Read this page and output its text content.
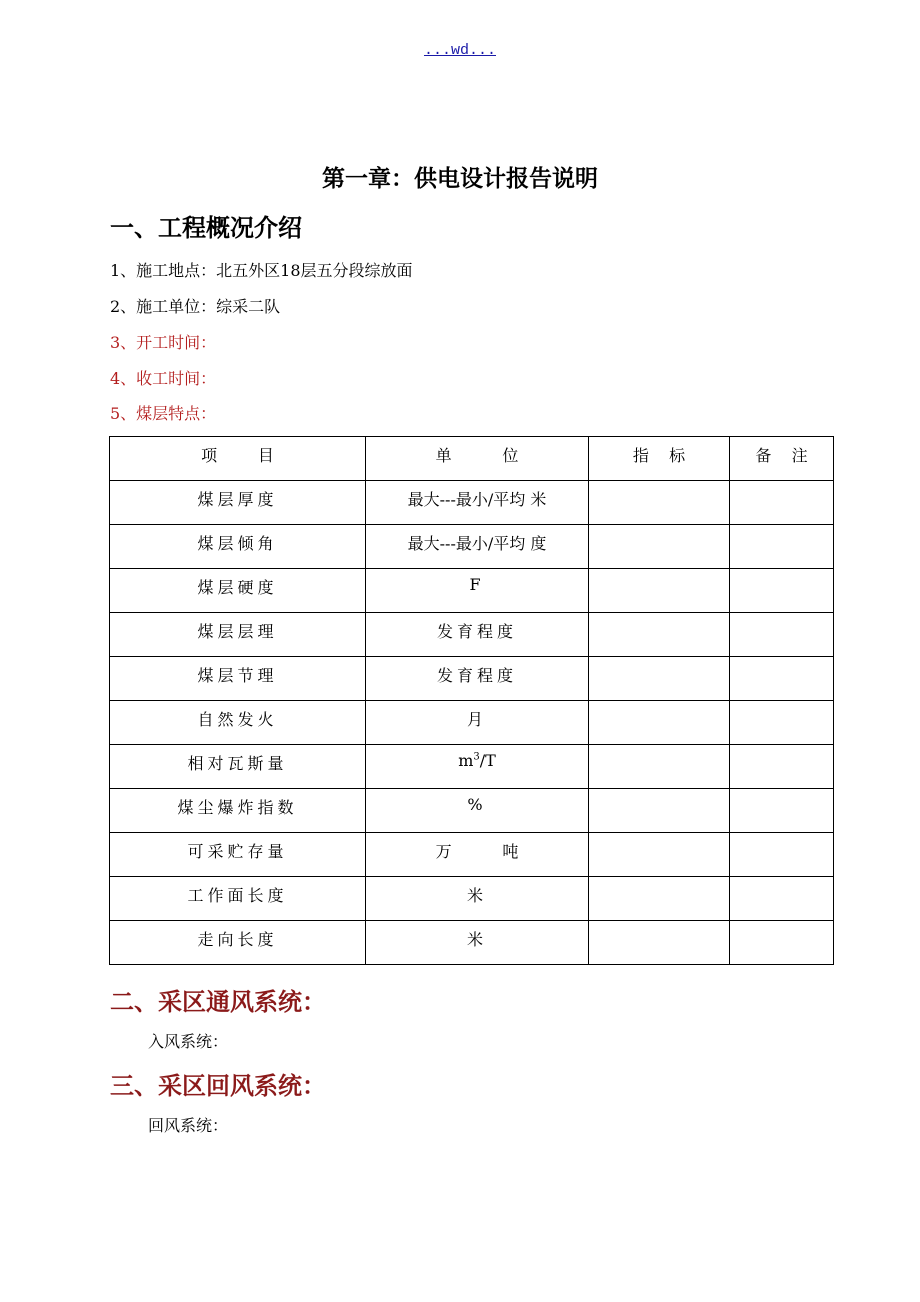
...wd...
第一章：供电设计报告说明
一、工程概况介绍
1、施工地点：北五外区18层五分段综放面
2、施工单位：综采二队
3、开工时间：
4、收工时间：
5、煤层特点：
项        目	单          位	指    标	备    注
煤层厚度	最大---最小/平均 米		
煤层倾角	最大---最小/平均 度		
煤层硬度	F		
煤层层理	发育程度		
煤层节理	发育程度		
自然发火	月		
相对瓦斯量	$m^3/T$		
煤尘爆炸指数	%		
可采贮存量	万          吨		
工作面长度	米		
走向长度	米		
二、采区通风系统：
入风系统：
三、采区回风系统：
回风系统：
